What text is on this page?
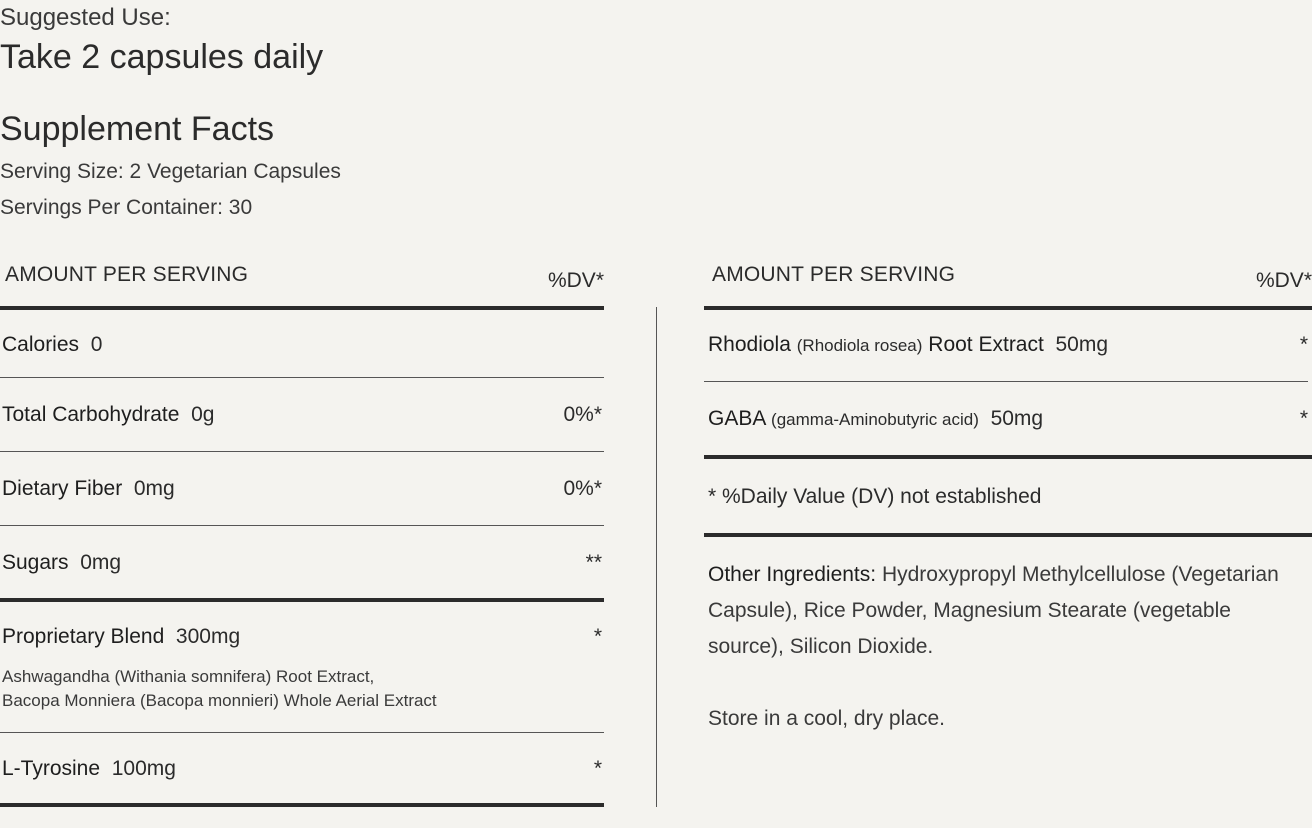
Suggested Use:
Take 2 capsules daily
Supplement Facts
Serving Size: 2 Vegetarian Capsules
Servings Per Container: 30
AMOUNT PER SERVING	%DV*
Calories 0
Total Carbohydrate 0g	0%*
Dietary Fiber 0mg	0%*
Sugars 0mg	**
Proprietary Blend 300mg	*
Ashwagandha (Withania somnifera) Root Extract,
Bacopa Monniera (Bacopa monnieri) Whole Aerial Extract
L-Tyrosine 100mg	*
AMOUNT PER SERVING	%DV*
Rhodiola (Rhodiola rosea) Root Extract 50mg	*
GABA (gamma-Aminobutyric acid) 50mg	*
* %Daily Value (DV) not established
Other Ingredients: Hydroxypropyl Methylcellulose (Vegetarian Capsule), Rice Powder, Magnesium Stearate (vegetable source), Silicon Dioxide.
Store in a cool, dry place.
